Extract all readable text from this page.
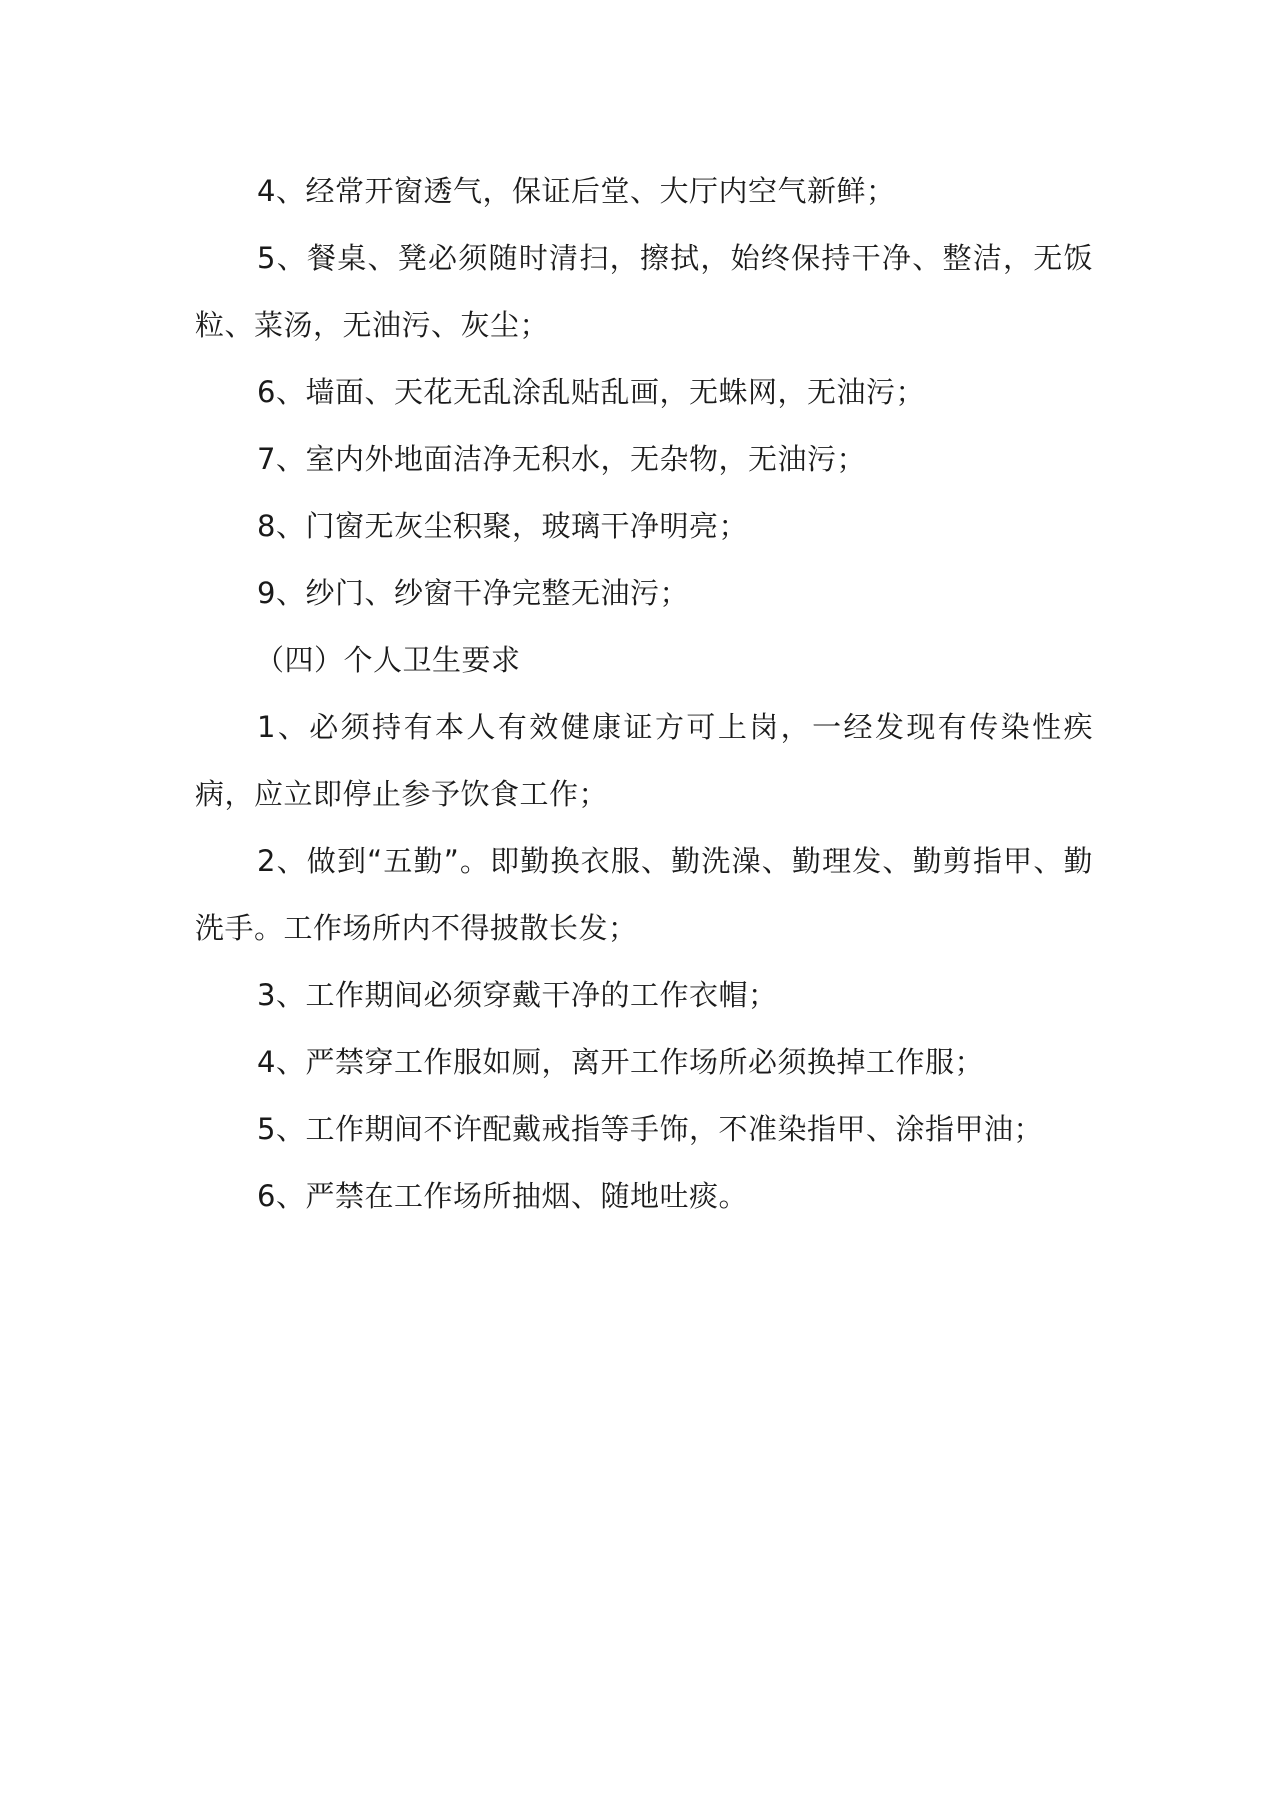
4、经常开窗透气，保证后堂、大厅内空气新鲜；

5、餐桌、凳必须随时清扫，擦拭，始终保持干净、整洁，无饭粒、菜汤，无油污、灰尘；

6、墙面、天花无乱涂乱贴乱画，无蛛网，无油污；

7、室内外地面洁净无积水，无杂物，无油污；

8、门窗无灰尘积聚，玻璃干净明亮；

9、纱门、纱窗干净完整无油污；

（四）个人卫生要求

1、必须持有本人有效健康证方可上岗，一经发现有传染性疾病，应立即停止参予饮食工作；

2、做到“五勤”。即勤换衣服、勤洗澡、勤理发、勤剪指甲、勤洗手。工作场所内不得披散长发；

3、工作期间必须穿戴干净的工作衣帽；

4、严禁穿工作服如厕，离开工作场所必须换掉工作服；

5、工作期间不许配戴戒指等手饰，不准染指甲、涂指甲油；

6、严禁在工作场所抽烟、随地吐痰。
